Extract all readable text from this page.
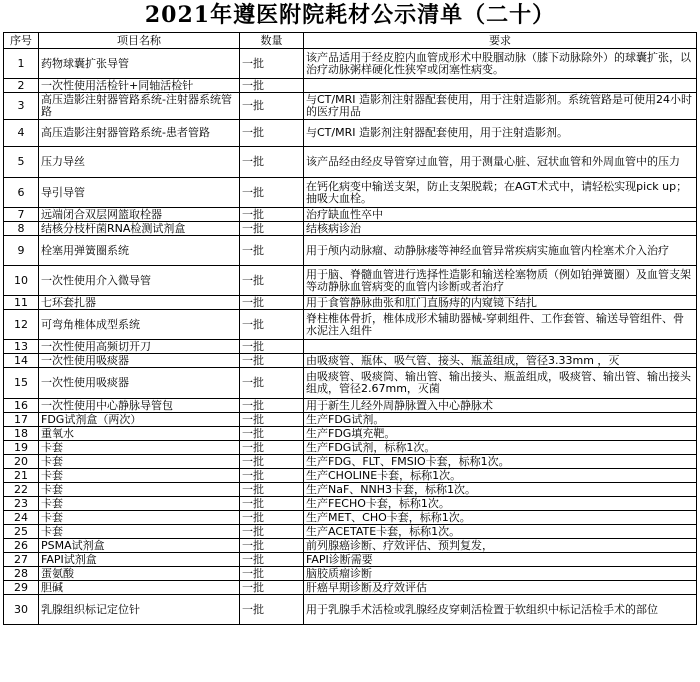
2021年遵医附院耗材公示清单（二十）
序号	项目名称	数量	要求
1	药物球囊扩张导管	一批	该产品适用于经皮腔内血管成形术中股腘动脉（膝下动脉除外）的球囊扩张，以治疗动脉粥样硬化性狭窄或闭塞性病变。
2	一次性使用活检针+同轴活检针	一批	
3	高压造影注射器管路系统-注射器系统管路	一批	与CT/MRI 造影剂注射器配套使用，用于注射造影剂。系统管路是可使用24小时的医疗用品
4	高压造影注射器管路系统-患者管路	一批	与CT/MRI 造影剂注射器配套使用，用于注射造影剂。
5	压力导丝	一批	该产品经由经皮导管穿过血管，用于测量心脏、冠状血管和外周血管中的压力
6	导引导管	一批	在钙化病变中输送支架，防止支架脱载；在AGT术式中，请轻松实现pick up；抽吸大血栓。
7	远端闭合双层网篮取栓器	一批	治疗缺血性卒中
8	结核分枝杆菌RNA检测试剂盒	一批	结核病诊治
9	栓塞用弹簧圈系统	一批	用于颅内动脉瘤、动静脉瘘等神经血管异常疾病实施血管内栓塞术介入治疗
10	一次性使用介入微导管	一批	用于脑、脊髓血管进行选择性造影和输送栓塞物质（例如铂弹簧圈）及血管支架等动静脉血管病变的血管内诊断或者治疗
11	七环套扎器	一批	用于食管静脉曲张和肛门直肠痔的内窥镜下结扎
12	可弯角椎体成型系统	一批	脊柱椎体骨折，椎体成形术辅助器械-穿刺组件、工作套管、输送导管组件、骨水泥注入组件
13	一次性使用高频切开刀	一批	
14	一次性使用吸痰器	一批	由吸痰管、瓶体、吸气管、接头、瓶盖组成，管径3.33mm ，灭
15	一次性使用吸痰器	一批	由吸痰管、吸痰筒、输出管、输出接头、瓶盖组成，吸痰管、输出管、输出接头组成，管径2.67mm，灭菌
16	一次性使用中心静脉导管包	一批	用于新生儿经外周静脉置入中心静脉术
17	FDG试剂盒（两次）	一批	生产FDG试剂。
18	重氧水	一批	生产FDG填充靶。
19	卡套	一批	生产FDG试剂，标称1次。
20	卡套	一批	生产FDG、FLT、FMSIO卡套，标称1次。
21	卡套	一批	生产CHOLINE卡套，标称1次。
22	卡套	一批	生产NaF、NNH3卡套，标称1次。
23	卡套	一批	生产FECHO卡套，标称1次。
24	卡套	一批	生产MET、CHO卡套，标称1次。
25	卡套	一批	生产ACETATE卡套，标称1次。
26	PSMA试剂盒	一批	前列腺癌诊断、疗效评估、预判复发，
27	FAPI试剂盒	一批	FAPI诊断需要
28	蛋氨酸	一批	脑胶质瘤诊断
29	胆碱	一批	肝癌早期诊断及疗效评估
30	乳腺组织标记定位针	一批	用于乳腺手术活检或乳腺经皮穿刺活检置于软组织中标记活检手术的部位
